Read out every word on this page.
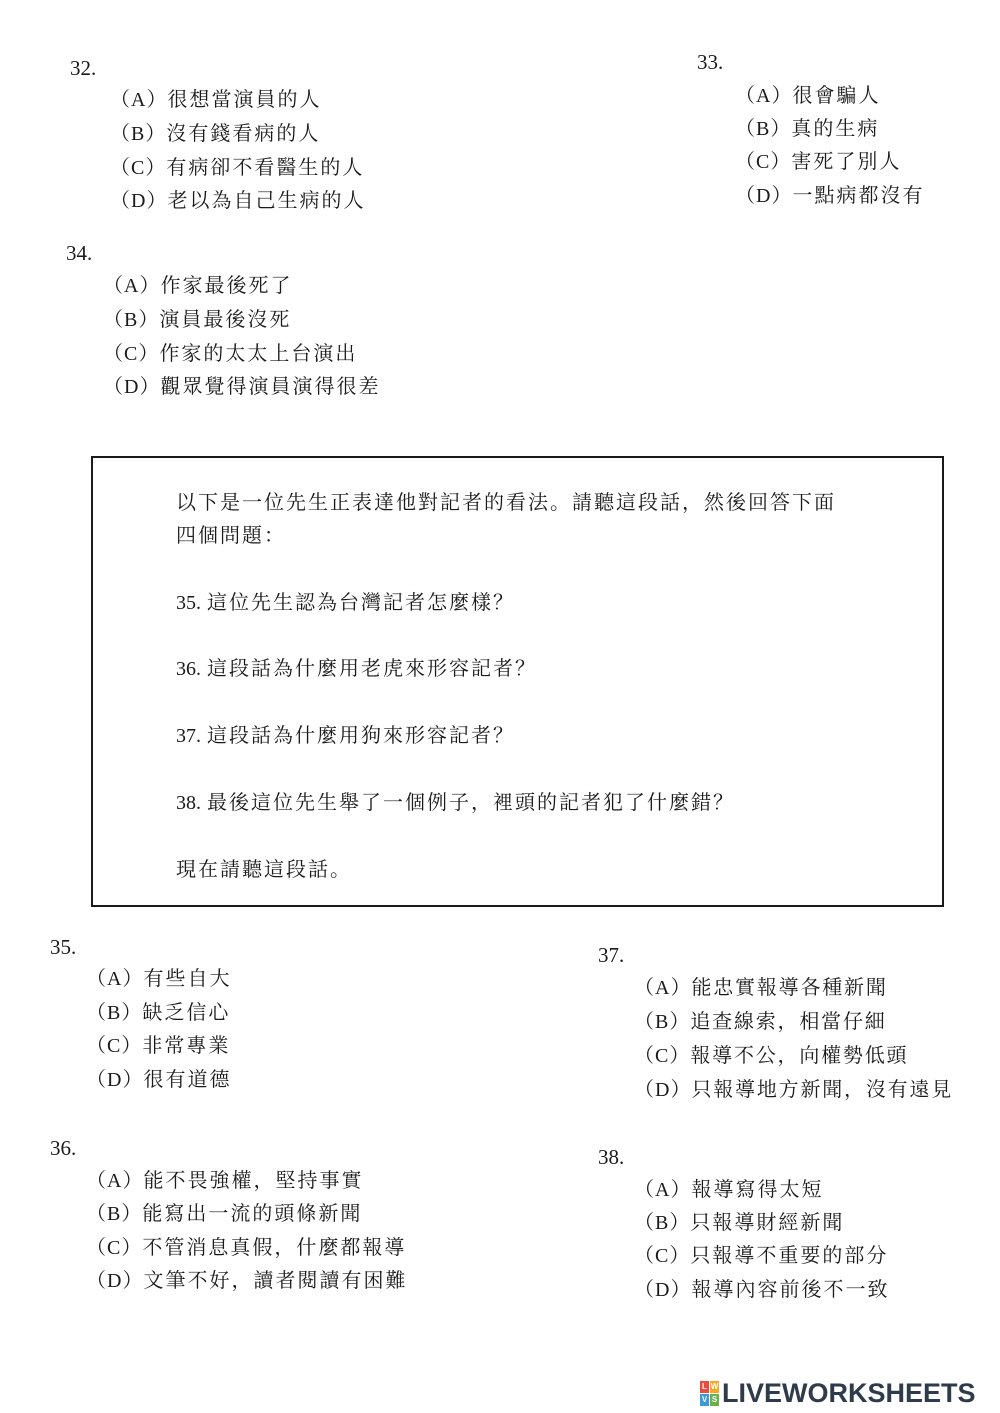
32.
（A）很想當演員的人
（B）沒有錢看病的人
（C）有病卻不看醫生的人
（D）老以為自己生病的人
33.
（A）很會騙人
（B）真的生病
（C）害死了別人
（D）一點病都沒有
34.
（A）作家最後死了
（B）演員最後沒死
（C）作家的太太上台演出
（D）觀眾覺得演員演得很差
以下是一位先生正表達他對記者的看法。請聽這段話，然後回答下面
四個問題：
35. 這位先生認為台灣記者怎麼樣？
36. 這段話為什麼用老虎來形容記者？
37. 這段話為什麼用狗來形容記者？
38. 最後這位先生舉了一個例子，裡頭的記者犯了什麼錯？
現在請聽這段話。
35.
（A）有些自大
（B）缺乏信心
（C）非常專業
（D）很有道德
36.
（A）能不畏強權，堅持事實
（B）能寫出一流的頭條新聞
（C）不管消息真假，什麼都報導
（D）文筆不好，讀者閱讀有困難
37.
（A）能忠實報導各種新聞
（B）追查線索，相當仔細
（C）報導不公，向權勢低頭
（D）只報導地方新聞，沒有遠見
38.
（A）報導寫得太短
（B）只報導財經新聞
（C）只報導不重要的部分
（D）報導內容前後不一致
L W
V S LIVEWORKSHEETS
